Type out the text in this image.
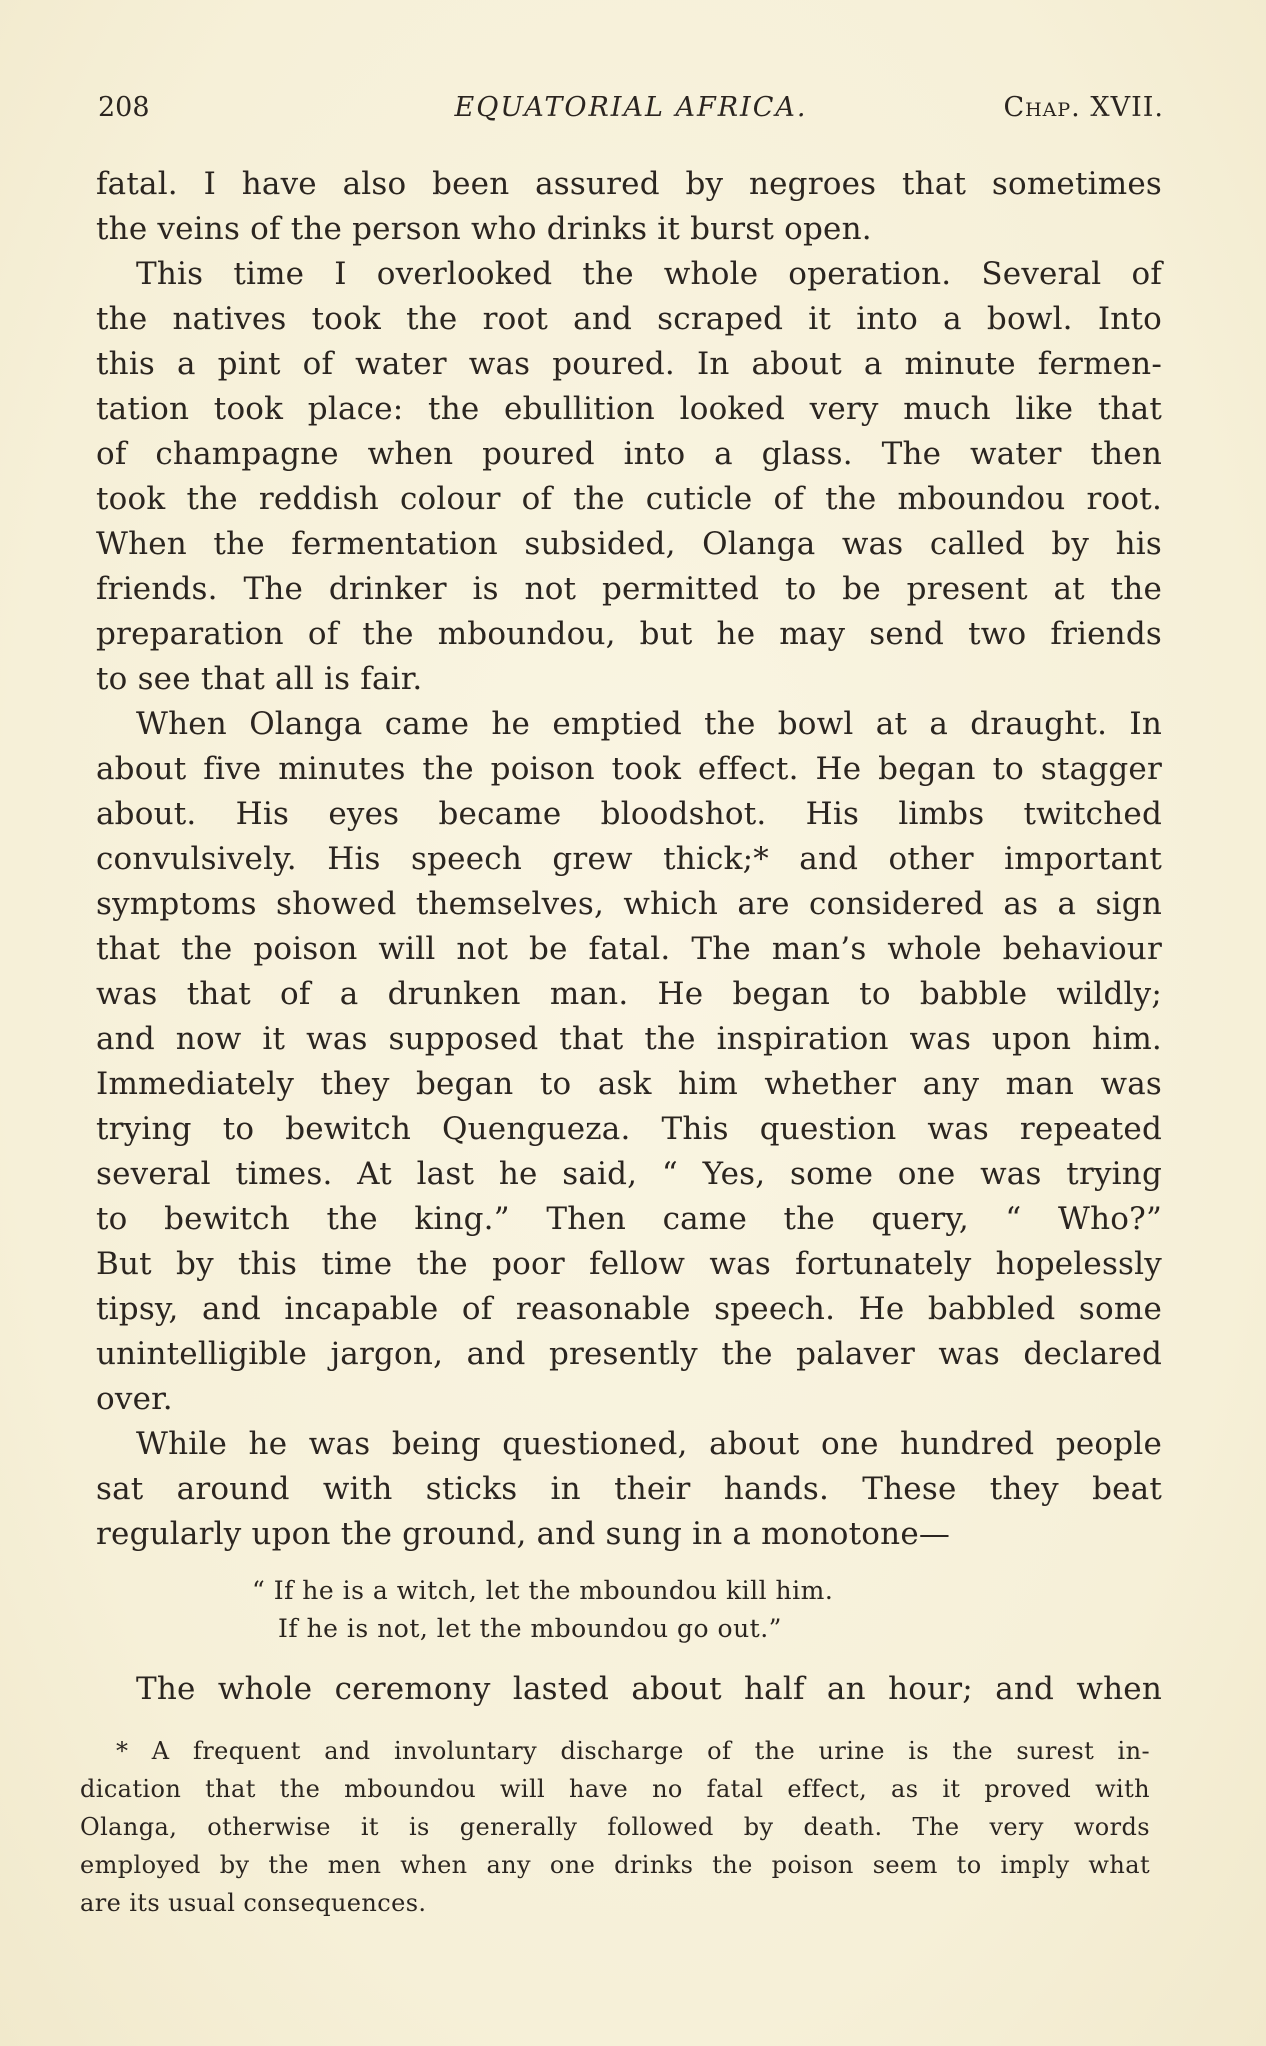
208	EQUATORIAL AFRICA.	Chap. XVII.
fatal. I have also been assured by negroes that sometimes
the veins of the person who drinks it burst open.
This time I overlooked the whole operation. Several of
the natives took the root and scraped it into a bowl. Into
this a pint of water was poured. In about a minute fermen-
tation took place: the ebullition looked very much like that
of champagne when poured into a glass. The water then
took the reddish colour of the cuticle of the mboundou root.
When the fermentation subsided, Olanga was called by his
friends. The drinker is not permitted to be present at the
preparation of the mboundou, but he may send two friends
to see that all is fair.
When Olanga came he emptied the bowl at a draught. In
about five minutes the poison took effect. He began to stagger
about. His eyes became bloodshot. His limbs twitched
convulsively. His speech grew thick;* and other important
symptoms showed themselves, which are considered as a sign
that the poison will not be fatal. The man’s whole behaviour
was that of a drunken man. He began to babble wildly;
and now it was supposed that the inspiration was upon him.
Immediately they began to ask him whether any man was
trying to bewitch Quengueza. This question was repeated
several times. At last he said, “ Yes, some one was trying
to bewitch the king.” Then came the query, “ Who?”
But by this time the poor fellow was fortunately hopelessly
tipsy, and incapable of reasonable speech. He babbled some
unintelligible jargon, and presently the palaver was declared
over.
While he was being questioned, about one hundred people
sat around with sticks in their hands. These they beat
regularly upon the ground, and sung in a monotone—
“ If he is a witch, let the mboundou kill him.
If he is not, let the mboundou go out.”
The whole ceremony lasted about half an hour; and when
* A frequent and involuntary discharge of the urine is the surest in-
dication that the mboundou will have no fatal effect, as it proved with
Olanga, otherwise it is generally followed by death. The very words
employed by the men when any one drinks the poison seem to imply what
are its usual consequences.
